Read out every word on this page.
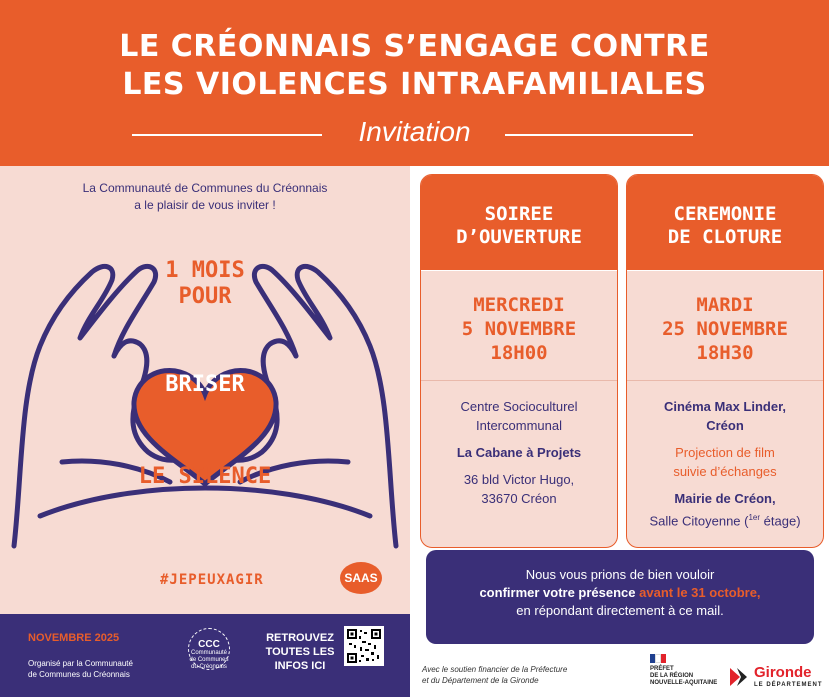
LE CRÉONNAIS S’ENGAGE CONTRE
LES VIOLENCES INTRAFAMILIALES
Invitation
La Communauté de Communes du Créonnais
a le plaisir de vous inviter !
1 MOIS
POUR
BRISER
LE SILENCE
#JEPEUXAGIR	SAAS
NOVEMBRE 2025
Organisé par la Communauté
de Communes du Créonnais
CCC
Communauté
de Communes
du Créonnais
RETROUVEZ
TOUTES LES
INFOS ICI
SOIREE
D’OUVERTURE
MERCREDI
5 NOVEMBRE
18H00
Centre Socioculturel
Intercommunal
La Cabane à Projets
36 bld Victor Hugo,
33670 Créon
CEREMONIE
DE CLOTURE
MARDI
25 NOVEMBRE
18H30
Cinéma Max Linder,
Créon
Projection de film
suivie d’échanges
Mairie de Créon,
Salle Citoyenne ($^{1er}$ étage)
Nous vous prions de bien vouloir
confirmer votre présence avant le 31 octobre,
en répondant directement à ce mail.
Avec le soutien financier de la Préfecture
et du Département de la Gironde
PRÉFET
DE LA RÉGION
NOUVELLE-AQUITAINE
Gironde
LE DÉPARTEMENT
